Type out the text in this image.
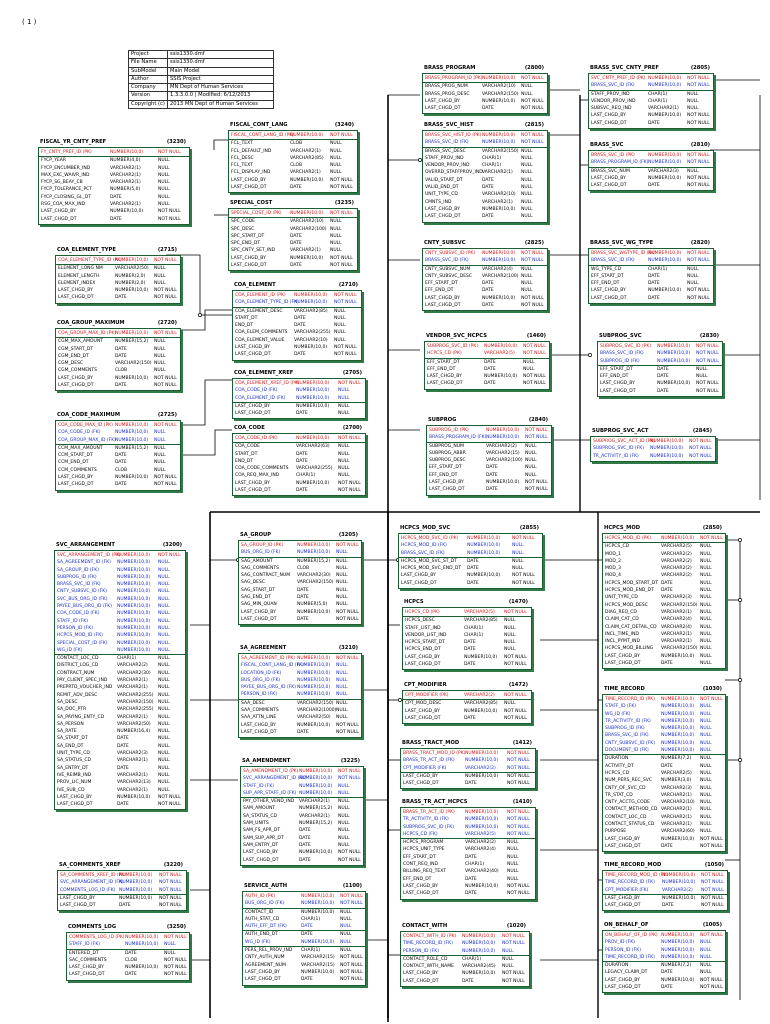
( 1 )
Project	ssis1330.dmf
File Name	ssis1330.dmf
SubModel	Main Model
Author	SSIS Project
Company	MN Dept of Human Services
Version	1.3.3.0.0 | Modified: 6/12/2013
Copyright (c)	2013 MN Dept of Human Services
FISCAL_YR_CNTY_PREF	(3230)
FY_CNTY_PREF_ID (PK)	NUMBER(10,0)	NOT NULL
FYCP_YEAR	NUMBER(4,0)	NULL
FYCP_ENCUMBER_IND	VARCHAR2(1)	NULL
MAX_EXC_WAIVR_IND	VARCHAR2(1)	NULL
FYCP_SG_BEAY_CB	VARCHAR2(1)	NULL
FYCP_TOLERANCE_PCT	NUMBER(5,0)	NULL
FYCP_CLOSING_GL_DT	DATE	NULL
RSG_COA_MAX_IND	VARCHAR2(1)	NULL
LAST_CHGD_BY	NUMBER(10,0)	NOT NULL
LAST_CHGD_DT	DATE	NOT NULL
COA_ELEMENT_TYPE	(2715)
COA_ELEMENT_TYPE_ID (PK)
NUMBER(10,0)	NOT NULL
ELEMENT_LONG NM	VARCHAR2(50)	NULL
ELEMENT_LENGTH	NUMBER(2,0)	NULL
ELEMENT_INDEX	NUMBER(2,0)	NULL
LAST_CHGD_BY	NUMBER(10,0)	NOT NULL
LAST_CHGD_DT	DATE	NOT NULL
COA_GROUP_MAXIMUM	(2720)
COA_GROUP_MAX_ID (PK)
NUMBER(10,0)	NOT NULL
CGM_MAX_AMOUNT	NUMBER(15,2)	NULL
CGM_START_DT	DATE	NULL
CGM_END_DT	DATE	NULL
CGM_DESC	VARCHAR2(150) NULL
CGM_COMMENTS	CLOB	NULL
LAST_CHGD_BY	NUMBER(10,0)	NOT NULL
LAST_CHGD_DT	DATE	NOT NULL
COA_CODE_MAXIMUM	(2725)
COA_CODE_MAX_ID (PK) NUMBER(10,0)	NOT NULL
COA_CODE_ID (FK)	NUMBER(10,0)	NULL
COA_GROUP_MAX_ID (FK) NUMBER(10,0)	NULL
CCM_MAX_AMOUNT	NUMBER(15,2)	NULL
CCM_START_DT	DATE	NULL
CCM_END_DT	DATE	NULL
CCM_COMMENTS	CLOB	NULL
LAST_CHGD_BY	NUMBER(10,0)	NOT NULL
LAST_CHGD_DT	DATE	NOT NULL
FISCAL_CONT_LANG	(3240)
FISCAL_CONT_LANG_ID (PK)
NUMBER(10,0)	NOT NULL
FCL_TEXT	CLOB	NULL
FCL_DEFAULT_IND	VARCHAR2(1)	NULL
FCL_DESC	VARCHAR2(85)	NULL
FCL_TEXT	CLOB	NULL
FCL_DISPLAY_IND	VARCHAR2(1)	NULL
LAST_CHGD_BY	NUMBER(10,0)	NOT NULL
LAST_CHGD_DT	DATE	NOT NULL
SPECIAL_COST	(3235)
SPECIAL_COST_ID (PK)	NUMBER(10,0)	NOT NULL
SPC_CODE	VARCHAR2(10)	NULL
SPC_DESC	VARCHAR2(100) NULL
SPC_START_DT	DATE	NULL
SPC_END_DT	DATE	NULL
SPC_CNTY_SET_IND	VARCHAR2(1)	NULL
LAST_CHGD_BY	NUMBER(10,0)	NOT NULL
LAST_CHGD_DT	DATE	NOT NULL
COA_ELEMENT	(2710)
COA_ELEMENT_ID (PK)	NUMBER(10,0)	NOT NULL
COA_ELEMENT_TYPE_ID (FK)
NUMBER(10,0)	NOT NULL
COA_ELEMENT_DESC	VARCHAR2(85)	NULL
START_DT	DATE	NULL
END_DT	DATE	NULL
COA_ELEM_COMMENTS	VARCHAR2(255) NULL
COA_ELEMENT_VALUE	VARCHAR2(10)	NULL
LAST_CHGD_BY	NUMBER(10,0)	NOT NULL
LAST_CHGD_DT	DATE	NOT NULL
COA_ELEMENT_XREF	(2705)
COA_ELEMENT_XREF_ID (PK)
NUMBER(10,0)	NOT NULL
COA_CODE_ID (FK)	NUMBER(10,0)	NULL
COA_ELEMENT_ID (FK)	NUMBER(10,0)	NULL
LAST_CHGD_BY	NUMBER(10,0)	NULL
LAST_CHGD_DT	DATE	NULL
COA_CODE	(2700)
COA_CODE_ID (PK)	NUMBER(10,0)	NOT NULL
COA_CODE	VARCHAR2(63)	NULL
START_DT	DATE	NULL
END_DT	DATE	NULL
COA_CODE_COMMENTS	VARCHAR2(255)	NULL
COA_REQ_MAX_IND	CHAR(1)	NULL
LAST_CHGD_BY	NUMBER(10,0)	NOT NULL
LAST_CHGD_DT	DATE	NOT NULL
BRASS_PROGRAM	(2800)
BRASS_PROGRAM_ID (PK) NUMBER(10,0)	NOT NULL
BRASS_PROG_NUM	VARCHAR2(10)	NULL
BRASS_PROG_DESC	VARCHAR2(150) NULL
LAST_CHGD_BY	NUMBER(10,0)	NOT NULL
LAST_CHGD_DT	DATE	NOT NULL
BRASS_SVC_HIST	(2815)
BRASS_SVC_HIST_ID (PK) NUMBER(10,0)	NOT NULL
BRASS_SVC_ID (FK)	NUMBER(10,0)	NOT NULL
BRASS_SVC_DESC	VARCHAR2(150) NULL
STAFF_PROV_IND	CHAR(1)	NULL
VENDOR_PROV_IND	CHAR(1)	NULL
OVERRD_STAFFPROV_IND VARCHAR2(1)	NULL
VALID_START_DT	DATE	NULL
VALID_END_DT	DATE	NULL
UNIT_TYPE_CD	VARCHAR2(10)	NULL
CMNTS_IND	VARCHAR2(1)	NULL
LAST_CHGD_BY	NUMBER(10,0)	NULL
LAST_CHGD_DT	DATE	NULL
CNTY_SUBSVC	(2825)
CNTY_SUBSVC_ID (PK)	NUMBER(10,0)	NOT NULL
BRASS_SVC_ID (FK)	NUMBER(10,0)	NOT NULL
CNTY_SUBSVC_NUM	VARCHAR2(4)	NULL
CNTY_SUBSVC_DESC	VARCHAR2(100) NULL
EFF_START_DT	DATE	NULL
EFF_END_DT	DATE	NULL
LAST_CHGD_BY	NUMBER(10,0)	NOT NULL
LAST_CHGD_DT	DATE	NOT NULL
VENDOR_SVC_HCPCS	(1460)
SUBPROG_SVC_ID (PK)	NUMBER(10,0)	NOT NULL
HCPCS_CD (PK)	VARCHAR2(5)	NOT NULL
EFF_START_DT	DATE	NULL
EFF_END_DT	DATE	NULL
LAST_CHGD_BY	NUMBER(10,0)	NOT NULL
LAST_CHGD_DT	DATE	NOT NULL
SUBPROG	(2840)
SUBPROG_ID (PK)	NUMBER(10,0)	NOT NULL
BRASS_PROGRAM_ID (FK) NUMBER(10,0)	NOT NULL
SUBPROG_NUM	VARCHAR2(2)	NULL
SUBPROG_ABBR	VARCHAR2(15)	NULL
SUBPROG_DESC	VARCHAR2(100) NULL
EFF_START_DT	DATE	NULL
EFF_END_DT	DATE	NULL
LAST_CHGD_BY	NUMBER(10,0)	NOT NULL
LAST_CHGD_DT	DATE	NOT NULL
BRASS_SVC_CNTY_PREF	(2805)
SVC_CNTY_PREF_ID (PK) NUMBER(10,0)	NOT NULL
BRASS_SVC_ID (FK)	NUMBER(10,0)	NOT NULL
STAFF_PROV_IND	CHAR(1)	NULL
VENDOR_PROV_IND	CHAR(1)	NULL
SUBSVC_REQ_IND	VARCHAR2(1)	NULL
LAST_CHGD_BY	NUMBER(10,0)	NOT NULL
LAST_CHGD_DT	DATE	NOT NULL
BRASS_SVC	(2810)
BRASS_SVC_ID (PK)	NUMBER(10,0)	NOT NULL
BRASS_PROGRAM_ID (FK) NUMBER(10,0)	NOT NULL
BRASS_SVC_NUM	VARCHAR2(3)	NULL
LAST_CHGD_BY	NUMBER(10,0)	NOT NULL
LAST_CHGD_DT	DATE	NOT NULL
BRASS_SVC_WG_TYPE	(2820)
BRASS_SVC_WGTYPE_ID (PK)
NUMBER(10,0)	NOT NULL
BRASS_SVC_ID (FK)	NUMBER(10,0)	NOT NULL
WG_TYPE_CD	CHAR(1)	NULL
EFF_START_DT	DATE	NULL
EFF_END_DT	DATE	NULL
LAST_CHGD_BY	NUMBER(10,0)	NOT NULL
LAST_CHGD_DT	DATE	NOT NULL
SUBPROG_SVC	(2830)
SUBPROG_SVC_ID (PK)	NUMBER(10,0)	NOT NULL
BRASS_SVC_ID (FK)	NUMBER(10,0)	NOT NULL
SUBPROG_ID (FK)	NUMBER(10,0)	NOT NULL
EFF_START_DT	DATE	NULL
EFF_END_DT	DATE	NULL
LAST_CHGD_BY	NUMBER(10,0)	NOT NULL
LAST_CHGD_DT	DATE	NOT NULL
SUBPROG_SVC_ACT	(2845)
SUBPROG_SVC_ACT_ID (PK)
NUMBER(10,0)	NOT NULL
SUBPROG_SVC_ID (FK)	NUMBER(10,0)	NOT NULL
TR_ACTIVITY_ID (FK)	NUMBER(10,0)	NOT NULL
SVC_ARRANGEMENT	(3200)
SVC_ARRANGEMENT_ID (PK)
NUMBER(10,0)	NOT NULL
SA_AGREEMENT_ID (FK)	NUMBER(10,0)	NULL
SA_GROUP_ID (FK)	NUMBER(10,0)	NULL
SUBPROG_ID (FK)	NUMBER(10,0)	NULL
BRASS_SVC_ID (FK)	NUMBER(10,0)	NULL
CNTY_SUBSVC_ID (FK)	NUMBER(10,0)	NULL
SVC_BUS_ORG_ID (FK)	NUMBER(10,0)	NULL
PAYEE_BUS_ORG_ID (FK)	NUMBER(10,0)	NULL
COA_CODE_ID (FK)	NUMBER(10,0)	NULL
STAFF_ID (FK)	NUMBER(10,0)	NULL
PERSON_ID (FK)	NUMBER(10,0)	NULL
HCPCS_MOD_ID (FK)	NUMBER(10,0)	NULL
SPECIAL_COST_ID (FK)	NUMBER(10,0)	NULL
WG_ID (FK)	NUMBER(10,0)	NULL
CONTACT_LOC_CD	CHAR(1)	NULL
DISTRICT_LOG_CD	VARCHAR2(2)	NULL
CONTRACT_NUM	VARCHAR2(30)	NULL
PAY_CLIENT_SPEC_IND	VARCHAR2(1)	NULL
PREPRTD_VOUCHER_IND	VARCHAR2(1)	NULL
REMIT_ADV_DESC	VARCHAR2(255)	NULL
SA_DESC	VARCHAR2(150)	NULL
SA_DOC_PTR	VARCHAR2(255)	NULL
SA_PAYING_ENTY_CD	VARCHAR2(1)	NULL
SA_PERSON	VARCHAR2(50)	NULL
SA_RATE	NUMBER(16,4)	NULL
SA_START_DT	DATE	NULL
SA_END_DT	DATE	NULL
UNIT_TYPE_CD	VARCHAR2(3)	NULL
SA_STATUS_CD	VARCHAR2(1)	NULL
SA_ENTRY_DT	DATE	NULL
IVE_REIMB_IND	VARCHAR2(1)	NULL
PROV_LIC_NUM	VARCHAR2(13)	NULL
IVE_SUB_CD	VARCHAR2(1)	NULL
LAST_CHGD_BY	NUMBER(10,0)	NOT NULL
LAST_CHGD_DT	DATE	NOT NULL
SA_COMMENTS_XREF	(3220)
SA_COMMENTS_XREF_ID (PK)
NUMBER(10,0)	NOT NULL
SVC_ARRANGEMENT_ID (FK)
NUMBER(10,0)	NOT NULL
COMMENTS_LOG_ID (FK) NUMBER(10,0)	NOT NULL
LAST_CHGD_BY	NUMBER(10,0)	NOT NULL
LAST_CHGD_DT	DATE	NOT NULL
COMMENTS_LOG	(3250)
COMMENTS_LOG_ID (PK) NUMBER(10,0)	NOT NULL
STAFF_ID (FK)	NUMBER(10,0)	NULL
ENTERED_DT	DATE	NULL
SAC_COMMENTS	CLOB	NOT NULL
LAST_CHGD_BY	NUMBER(10,0)	NOT NULL
LAST_CHGD_DT	DATE	NOT NULL
SA_GROUP	(3205)
SA_GROUP_ID (PK)	NUMBER(10,0)	NOT NULL
BUS_ORG_ID (FK)	NUMBER(10,0)	NULL
SAG_AMOUNT	NUMBER(15,2)	NULL
SAG_COMMENTS	CLOB	NULL
SAG_CONTRACT_NUM	VARCHAR2(30)	NULL
SAG_DESC	VARCHAR2(150) NULL
SAG_START_DT	DATE	NULL
SAG_END_DT	DATE	NULL
SAG_MIN_QUAN	NUMBER(5,0)	NULL
LAST_CHGD_BY	NUMBER(10,0)	NOT NULL
LAST_CHGD_DT	DATE	NOT NULL
SA_AGREEMENT	(3210)
SA_AGREEMENT_ID (PK) NUMBER(10,0)	NOT NULL
FISCAL_CONT_LANG_ID (FK)
NUMBER(10,0)	NULL
LOCATION_ID (FK)	NUMBER(10,0)	NULL
BUS_ORG_ID (FK)	NUMBER(10,0)	NULL
PAYEE_BUS_ORG_ID (FK) NUMBER(10,0)	NULL
PERSON_ID (FK)	NUMBER(10,0)	NULL
SAA_DESC	VARCHAR2(150) NULL
SAA_COMMENTS	VARCHAR2(1000) NULL
SAA_ATTN_LINE	VARCHAR2(50)	NULL
LAST_CHGD_BY	NUMBER(10,0)	NOT NULL
LAST_CHGD_DT	DATE	NOT NULL
SA_AMENDMENT	(3225)
SA_AMENDMENT_ID (PK) NUMBER(10,0)	NOT NULL
SVC_ARRANGEMENT_ID (FK)
NUMBER(10,0)	NOT NULL
STAFF_ID (FK)	NUMBER(10,0)	NULL
SUP_APR_STAFF_ID (FK) NUMBER(10,0)	NULL
PAY_OTHER_VEND_IND	VARCHAR2(1)	NULL
SAM_AMOUNT	NUMBER(15,2)	NULL
SA_STATUS_CD	VARCHAR2(1)	NULL
SAM_UNITS	NUMBER(15,2)	NULL
SAM_FS_APR_DT	DATE	NULL
SAM_SUP_APR_DT	DATE	NULL
SAM_ENTRY_DT	DATE	NULL
LAST_CHGD_BY	NUMBER(10,0)	NOT NULL
LAST_CHGD_DT	DATE	NOT NULL
SERVICE_AUTH	(1100)
AUTH_ID (PK)	NUMBER(10,0)	NOT NULL
BUS_ORG_ID (FK)	NUMBER(10,0)	NOT NULL
CONTACT_ID	NUMBER(10,0)	NULL
AUTH_STAT_CD	CHAR(1)	NULL
AUTH_EFF_DT (FK)	DATE	NULL
AUTH_END_DT	DATE	NULL
WG_ID (FK)	NUMBER(10,0)	NULL
PERS_REL_PROV_IND	CHAR(1)	NULL
CNTY_AUTH_NUM	VARCHAR2(15)	NOT NULL
AGREEMENT_NUM	VARCHAR2(15)	NOT NULL
LAST_CHGD_BY	NUMBER(10,0)	NOT NULL
LAST_CHGD_DT	DATE	NOT NULL
HCPCS_MOD_SVC	(2855)
HCPCS_MOD_SVC_ID (PK)	NUMBER(10,0)	NOT NULL
HCPCS_MOD_ID (FK)	NUMBER(10,0)	NULL
BRASS_SVC_ID (FK)	NUMBER(10,0)	NULL
HCPCS_MOD_SVC_ST_DT	DATE	NULL
HCPCS_MOD_SVC_END_DT	DATE	NULL
LAST_CHGD_BY	NUMBER(10,0)	NOT NULL
LAST_CHGD_DT	DATE	NOT NULL
HCPCS	(1470)
HCPCS_CD (PK)	VARCHAR2(5)	NOT NULL
HCPCS_DESC	VARCHAR2(85)	NULL
STAFF_LIST_IND	CHAR(1)	NULL
VENDOR_LIST_IND	CHAR(1)	NULL
HCPCS_START_DT	DATE	NULL
HCPCS_END_DT	DATE	NULL
LAST_CHGD_BY	NUMBER(10,0)	NOT NULL
LAST_CHGD_DT	DATE	NOT NULL
CPT_MODIFIER	(1472)
CPT_MODIFIER (PK)	VARCHAR2(2)	NOT NULL
CPT_MOD_DESC	VARCHAR2(85)	NULL
LAST_CHGD_BY	NUMBER(10,0)	NOT NULL
LAST_CHGD_DT	DATE	NOT NULL
BRASS_TRACT_MOD	(1412)
BRASS_TRACT_MOD_ID (PK) NUMBER(10,0)	NOT NULL
BRASS_TR_ACT_ID (FK)	NUMBER(10,0)	NOT NULL
CPT_MODIFIER (FK)	VARCHAR2(2)	NOT NULL
LAST_CHGD_BY	NUMBER(10,0)	NOT NULL
LAST_CHGD_DT	DATE	NOT NULL
BRASS_TR_ACT_HCPCS	(1410)
BRASS_TR_ACT_ID (PK)	NUMBER(10,0)	NOT NULL
TR_ACTIVITY_ID (FK)	NUMBER(10,0)	NOT NULL
SUBPROG_SVC_ID (FK)	NUMBER(10,0)	NOT NULL
HCPCS_CD (FK)	VARCHAR2(5)	NOT NULL
HCPCS_PROGRAM	VARCHAR2(2)	NULL
HCPCS_UNIT_TYPE	VARCHAR2(4)	NULL
EFF_START_DT	DATE	NULL
CONT_REQ_IND	CHAR(1)	NULL
BILLING_REQ_TEXT	VARCHAR2(40)	NULL
EFF_END_DT	DATE	NULL
LAST_CHGD_BY	NUMBER(10,0)	NOT NULL
LAST_CHGD_DT	DATE	NOT NULL
CONTACT_WITH	(1020)
CONTACT_WITH_ID (PK)	NUMBER(10,0)	NOT NULL
TIME_RECORD_ID (FK)	NUMBER(10,0)	NOT NULL
PERSON_ID (FK)	NUMBER(10,0)	NULL
CONTACT_ROLE_CD	CHAR(1)	NULL
CONTACT_WITH_NAME	VARCHAR2(45)	NULL
LAST_CHGD_BY	NUMBER(10,0)	NOT NULL
LAST_CHGD_DT	DATE	NOT NULL
HCPCS_MOD	(2850)
HCPCS_MOD_ID (PK)	NUMBER(10,0)	NOT NULL
HCPCS_CD	VARCHAR2(5)	NULL
MOD_1	VARCHAR2(2)	NULL
MOD_2	VARCHAR2(2)	NULL
MOD_3	VARCHAR2(2)	NULL
MOD_4	VARCHAR2(2)	NULL
HCPCS_MOD_START_DT DATE	NULL
HCPCS_MOD_END_DT	DATE	NULL
UNIT_TYPE_CD	VARCHAR2(3)	NULL
HCPCS_MOD_DESC	VARCHAR2(150) NULL
DIAG_REQ_CD	VARCHAR2(1)	NULL
CLAIM_CAT_CD	VARCHAR2(4)	NULL
CLAIM_CAT_DETAIL_CD VARCHAR2(4)	NULL
INCL_TIME_IND	VARCHAR2(1)	NULL
INCL_PYMT_IND	VARCHAR2(1)	NULL
HCPCS_MOD_BILLING	VARCHAR2(150) NULL
LAST_CHGD_BY	NUMBER(10,0)	NULL
LAST_CHGD_DT	DATE	NULL
TIME_RECORD	(1030)
TIME_RECORD_ID (PK)	NUMBER(10,0)	NOT NULL
STAFF_ID (FK)	NUMBER(10,0)	NULL
WG_ID (FK)	NUMBER(10,0)	NULL
TR_ACTIVITY_ID (FK)	NUMBER(10,0)	NULL
SUBPROG_ID (FK)	NUMBER(10,0)	NULL
BRASS_SVC_ID (FK)	NUMBER(10,0)	NULL
CNTY_SUBSVC_ID (FK)	NUMBER(10,0)	NULL
DOCUMENT_ID (FK)	NUMBER(10,0)	NULL
DURATION	NUMBER(7,2)	NULL
ACTIVITY_DT	DATE	NULL
HCPCS_CD	VARCHAR2(5)	NULL
NUM_PERS_REC_SVC	NUMBER(3,0)	NULL
CNTY_OF_SVC_CD	VARCHAR2(3)	NULL
TR_STAT_CD	VARCHAR2(1)	NULL
CNTY_ACCTG_CODE	VARCHAR2(10)	NULL
CONTACT_METHOD_CD VARCHAR2(1)	NULL
CONTACT_LOC_CD	VARCHAR2(1)	NULL
CONTACT_STATUS_CD	VARCHAR2(1)	NULL
PURPOSE	VARCHAR2(60)	NULL
LAST_CHGD_BY	NUMBER(10,0)	NOT NULL
LAST_CHGD_DT	DATE	NOT NULL
TIME_RECORD_MOD	(1050)
TIME_RECORD_MOD_ID (PK)
NUMBER(10,0)	NOT NULL
TIME_RECORD_ID (FK)	NUMBER(10,0)	NOT NULL
CPT_MODIFIER (FK)	VARCHAR2(2)	NOT NULL
LAST_CHGD_BY	NUMBER(10,0)	NOT NULL
LAST_CHGD_DT	DATE	NOT NULL
ON_BEHALF_OF	(1005)
ON_BEHALF_OF_ID (PK) NUMBER(10,0)	NOT NULL
PROV_ID (FK)	NUMBER(10,0)	NULL
PERSON_ID (FK)	NUMBER(10,0)	NULL
TIME_RECORD_ID (FK)	NUMBER(10,0)	NULL
DURATION	NUMBER(7,2)	NULL
LEGACY_CLAIM_DT	DATE	NULL
LAST_CHGD_BY	NUMBER(10,0)	NOT NULL
LAST_CHGD_DT	DATE	NOT NULL
